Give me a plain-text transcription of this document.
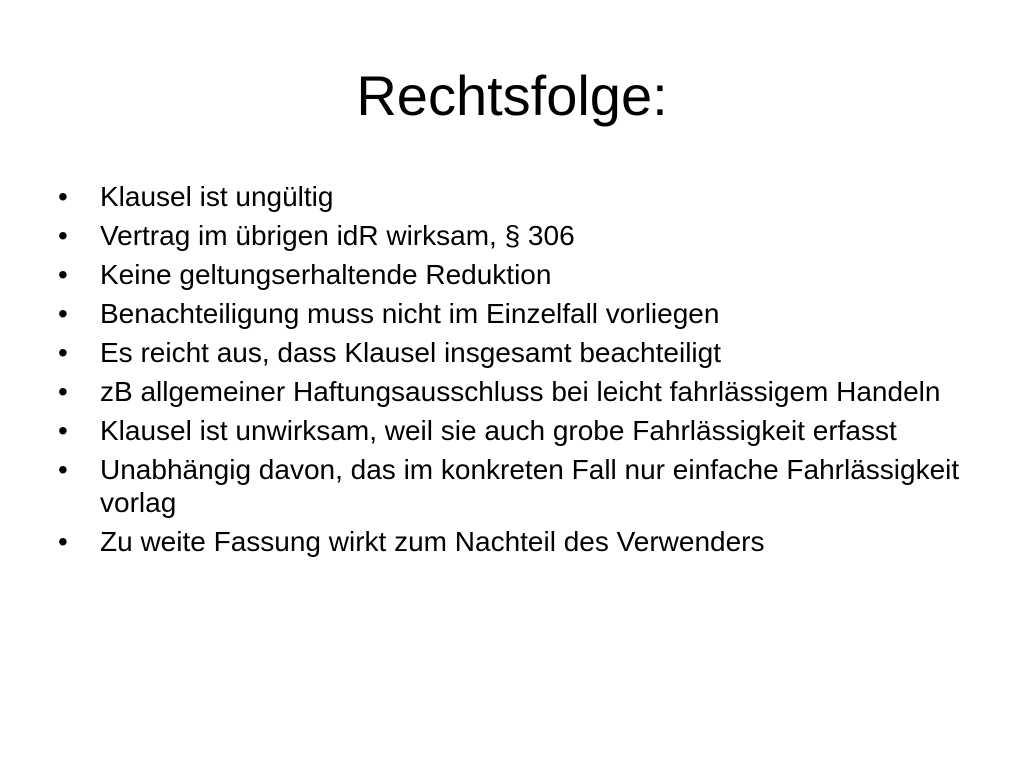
Rechtsfolge:
•	Klausel ist ungültig
•	Vertrag im übrigen idR wirksam, § 306
•	Keine geltungserhaltende Reduktion
•	Benachteiligung muss nicht im Einzelfall vorliegen
•	Es reicht aus, dass Klausel insgesamt beachteiligt
•	zB allgemeiner Haftungsausschluss bei leicht fahrlässigem Handeln
•	Klausel ist unwirksam, weil sie auch grobe Fahrlässigkeit erfasst
•	Unabhängig davon, das im konkreten Fall nur einfache Fahrlässigkeit vorlag
•	Zu weite Fassung wirkt zum Nachteil des Verwenders
